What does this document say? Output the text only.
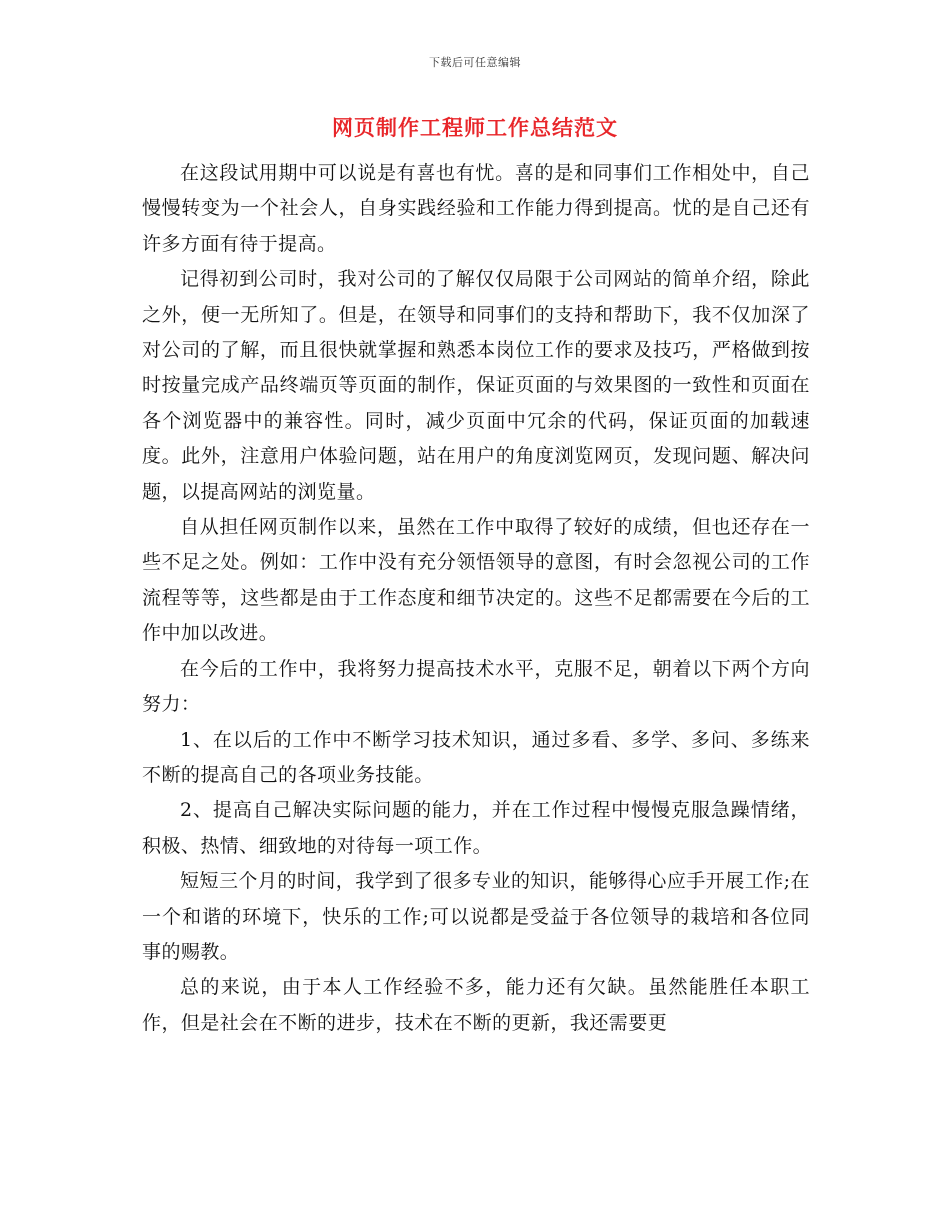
下载后可任意编辑
网页制作工程师工作总结范文

在这段试用期中可以说是有喜也有忧。喜的是和同事们工作相处中，自己慢慢转变为一个社会人，自身实践经验和工作能力得到提高。忧的是自己还有许多方面有待于提高。

记得初到公司时，我对公司的了解仅仅局限于公司网站的简单介绍，除此之外，便一无所知了。但是，在领导和同事们的支持和帮助下，我不仅加深了对公司的了解，而且很快就掌握和熟悉本岗位工作的要求及技巧，严格做到按时按量完成产品终端页等页面的制作，保证页面的与效果图的一致性和页面在各个浏览器中的兼容性。同时，减少页面中冗余的代码，保证页面的加载速度。此外，注意用户体验问题，站在用户的角度浏览网页，发现问题、解决问题，以提高网站的浏览量。

自从担任网页制作以来，虽然在工作中取得了较好的成绩，但也还存在一些不足之处。例如：工作中没有充分领悟领导的意图，有时会忽视公司的工作流程等等，这些都是由于工作态度和细节决定的。这些不足都需要在今后的工作中加以改进。

在今后的工作中，我将努力提高技术水平，克服不足，朝着以下两个方向努力：

1、在以后的工作中不断学习技术知识，通过多看、多学、多问、多练来不断的提高自己的各项业务技能。

2、提高自己解决实际问题的能力，并在工作过程中慢慢克服急躁情绪，积极、热情、细致地的对待每一项工作。

短短三个月的时间，我学到了很多专业的知识，能够得心应手开展工作;在一个和谐的环境下，快乐的工作;可以说都是受益于各位领导的栽培和各位同事的赐教。

总的来说，由于本人工作经验不多，能力还有欠缺。虽然能胜任本职工作，但是社会在不断的进步，技术在不断的更新，我还需要更
